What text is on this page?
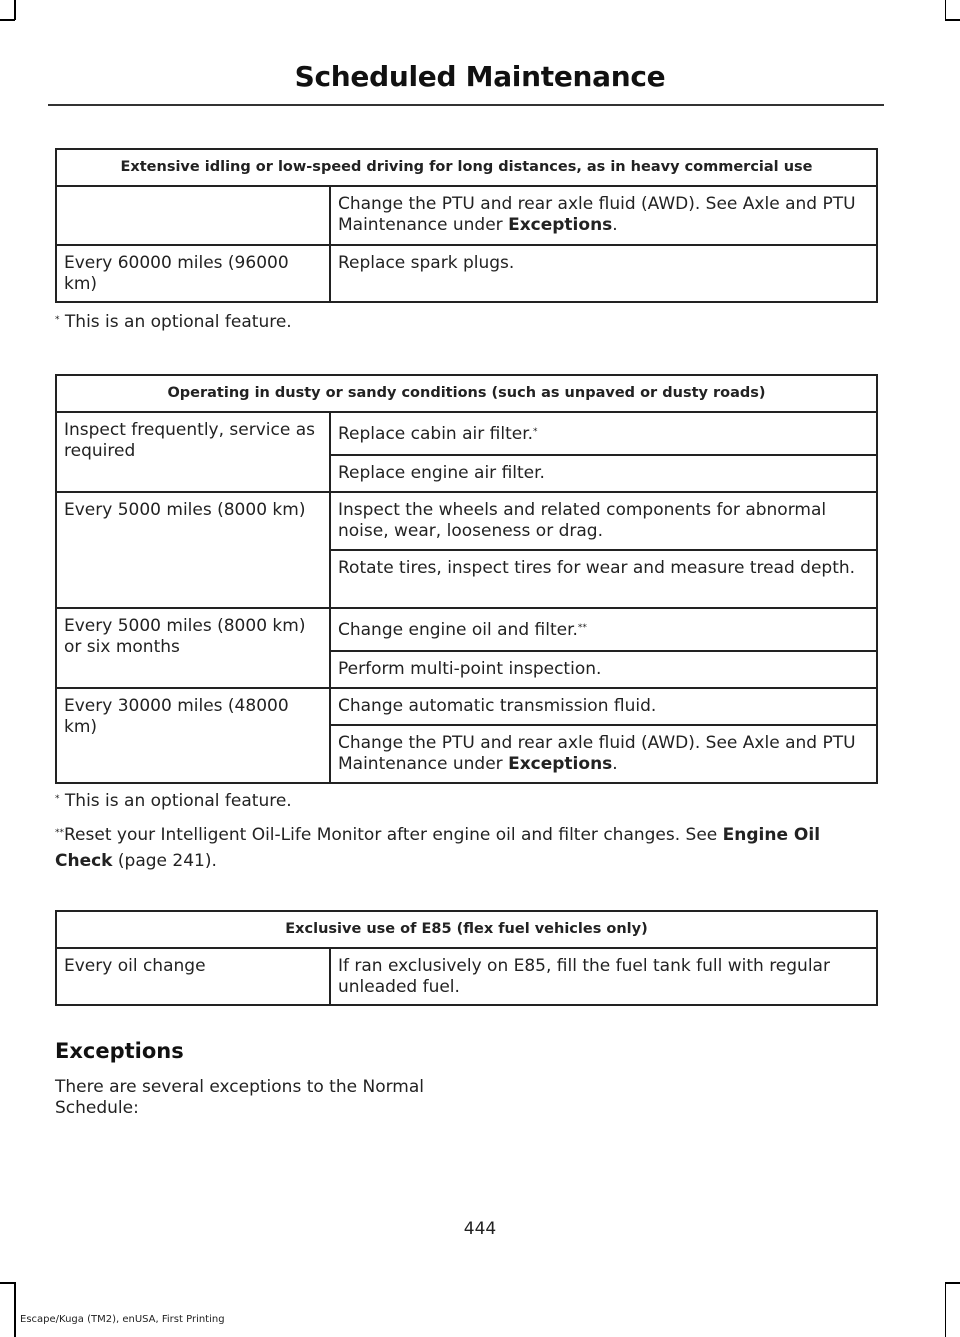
Scheduled Maintenance
Extensive idling or low-speed driving for long distances, as in heavy commercial use	
	Change the PTU and rear axle fluid (AWD). See Axle and PTU Maintenance under Exceptions.
Every 60000 miles (96000 km)	Replace spark plugs.
* This is an optional feature.
Operating in dusty or sandy conditions (such as unpaved or dusty roads)	
Inspect frequently, service as required	Replace cabin air filter.*
	Replace engine air filter.
Every 5000 miles (8000 km)	Inspect the wheels and related components for abnormal noise, wear, looseness or drag.
	Rotate tires, inspect tires for wear and measure tread depth.
Every 5000 miles (8000 km) or six months	Change engine oil and filter.**
	Perform multi-point inspection.
Every 30000 miles (48000 km)	Change automatic transmission fluid.
	Change the PTU and rear axle fluid (AWD). See Axle and PTU Maintenance under Exceptions.
* This is an optional feature.
**Reset your Intelligent Oil-Life Monitor after engine oil and filter changes. See Engine Oil Check (page 241).
Exclusive use of E85 (flex fuel vehicles only)
Every oil change	If ran exclusively on E85, fill the fuel tank full with regular unleaded fuel.
Exceptions
There are several exceptions to the Normal Schedule:
444
Escape/Kuga (TM2), enUSA, First Printing
